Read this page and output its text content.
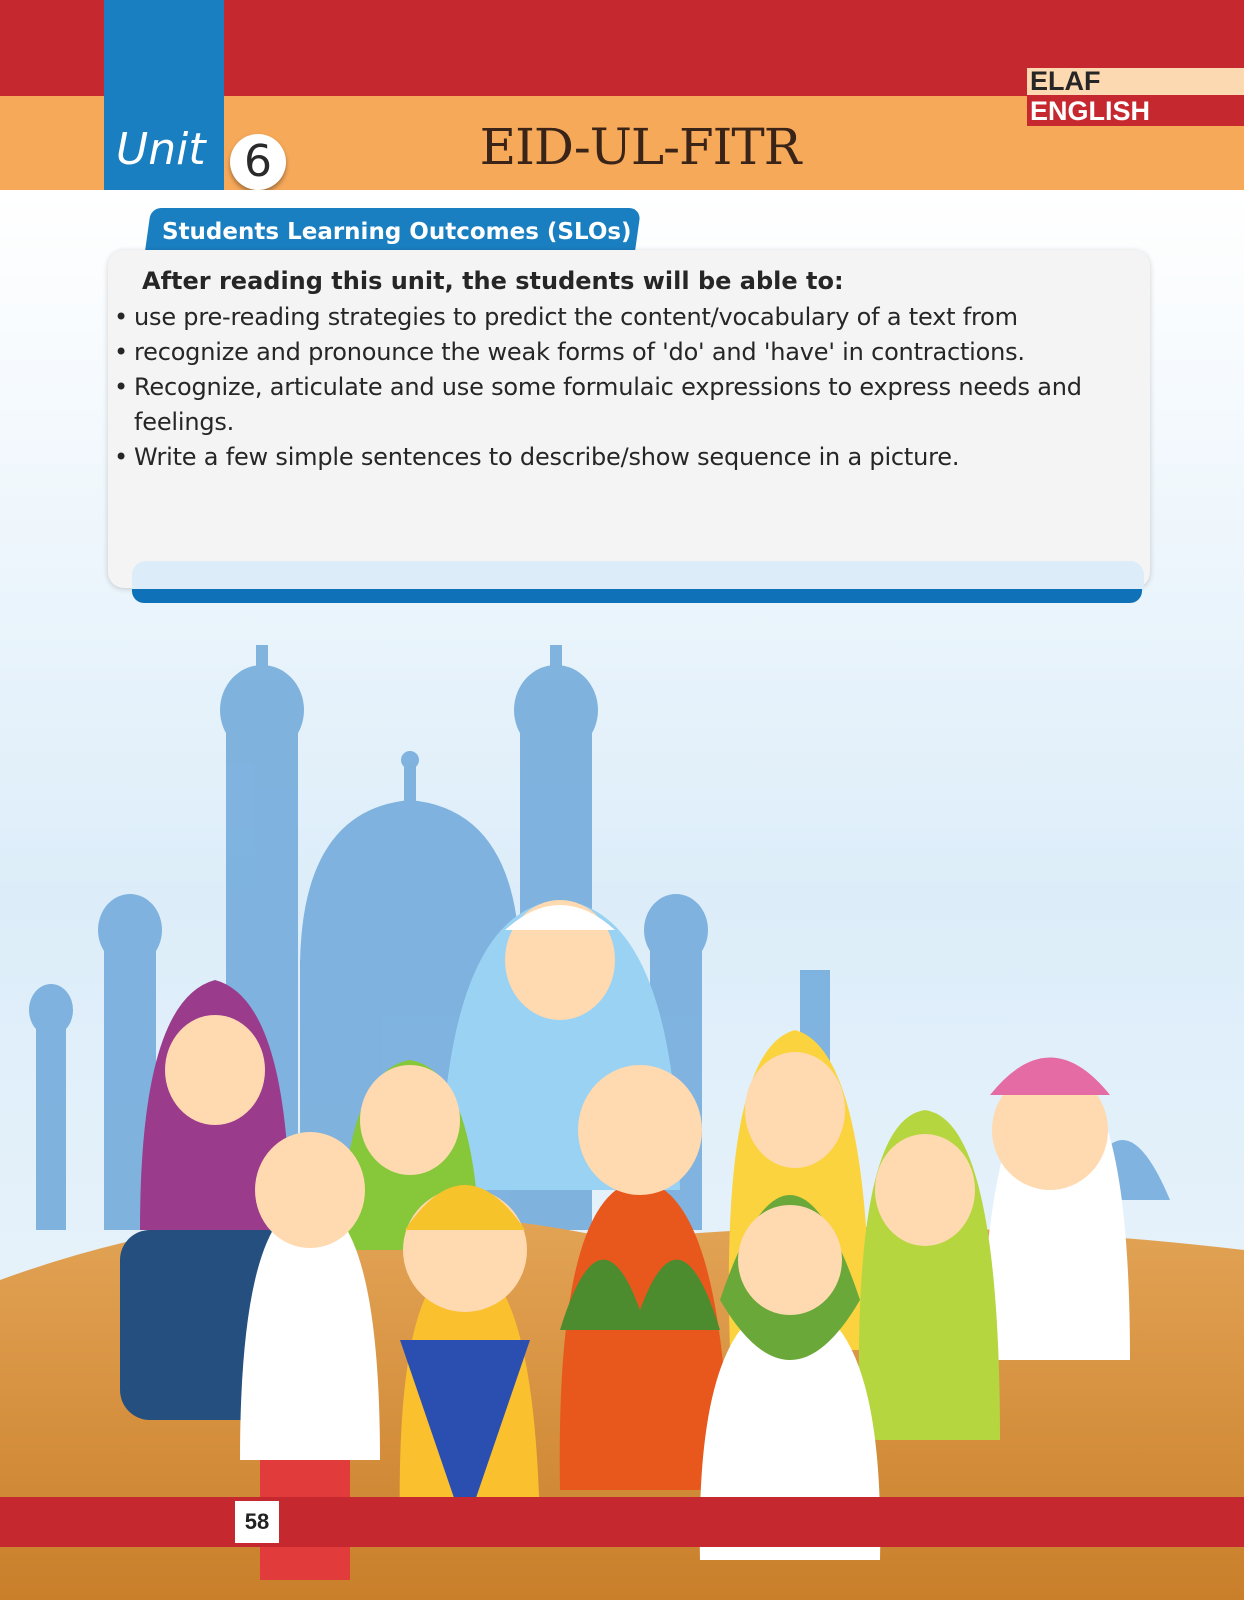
Unit 6	EID-UL-FITR
ELAF
ENGLISH
Students Learning Outcomes (SLOs)
After reading this unit, the students will be able to:
• use pre-reading strategies to predict the content/vocabulary of a text from
• recognize and pronounce the weak forms of 'do' and 'have' in contractions.
• Recognize, articulate and use some formulaic expressions to express needs and feelings.
• Write a few simple sentences to describe/show sequence in a picture.
58
